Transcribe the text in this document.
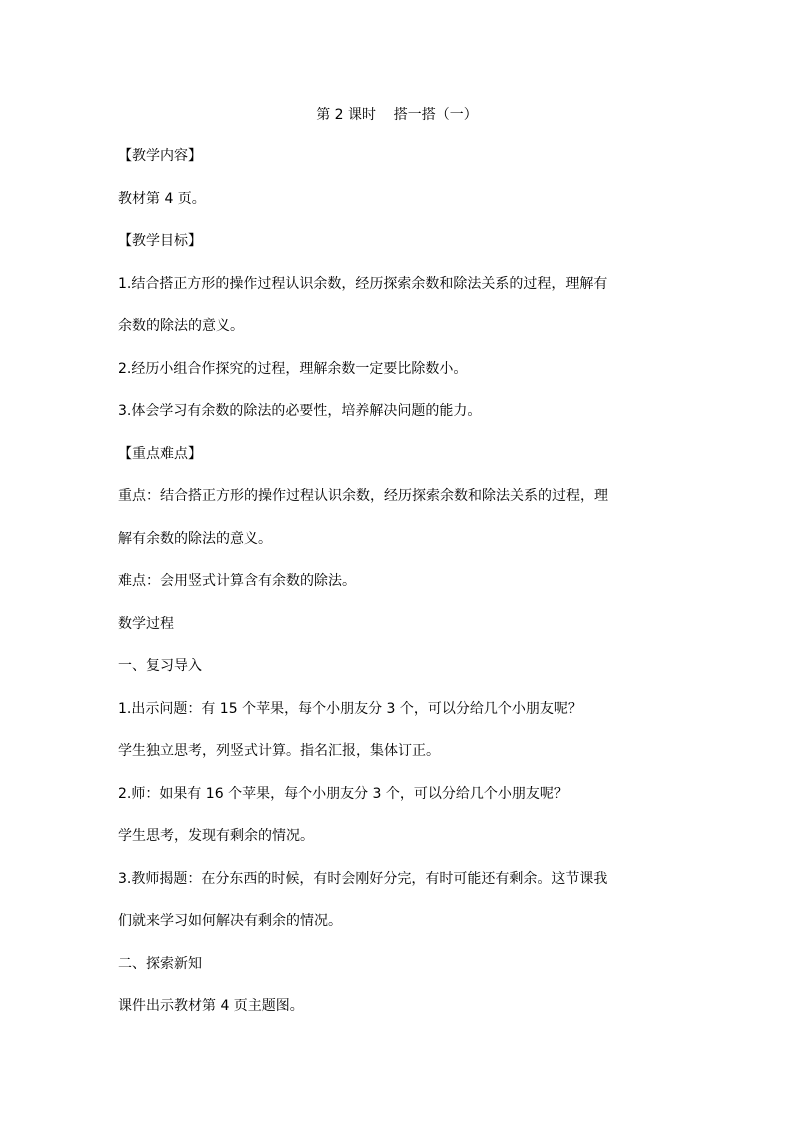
第 2 课时    搭一搭（一）
【教学内容】
教材第 4 页。
【教学目标】
1.结合搭正方形的操作过程认识余数，经历探索余数和除法关系的过程，理解有
余数的除法的意义。
2.经历小组合作探究的过程，理解余数一定要比除数小。
3.体会学习有余数的除法的必要性，培养解决问题的能力。
【重点难点】
重点：结合搭正方形的操作过程认识余数，经历探索余数和除法关系的过程，理
解有余数的除法的意义。
难点：会用竖式计算含有余数的除法。
数学过程
一、复习导入
1.出示问题：有 15 个苹果，每个小朋友分 3 个，可以分给几个小朋友呢？
学生独立思考，列竖式计算。指名汇报，集体订正。
2.师：如果有 16 个苹果，每个小朋友分 3 个，可以分给几个小朋友呢？
学生思考，发现有剩余的情况。
3.教师揭题：在分东西的时候，有时会刚好分完，有时可能还有剩余。这节课我
们就来学习如何解决有剩余的情况。
二、探索新知
课件出示教材第 4 页主题图。
